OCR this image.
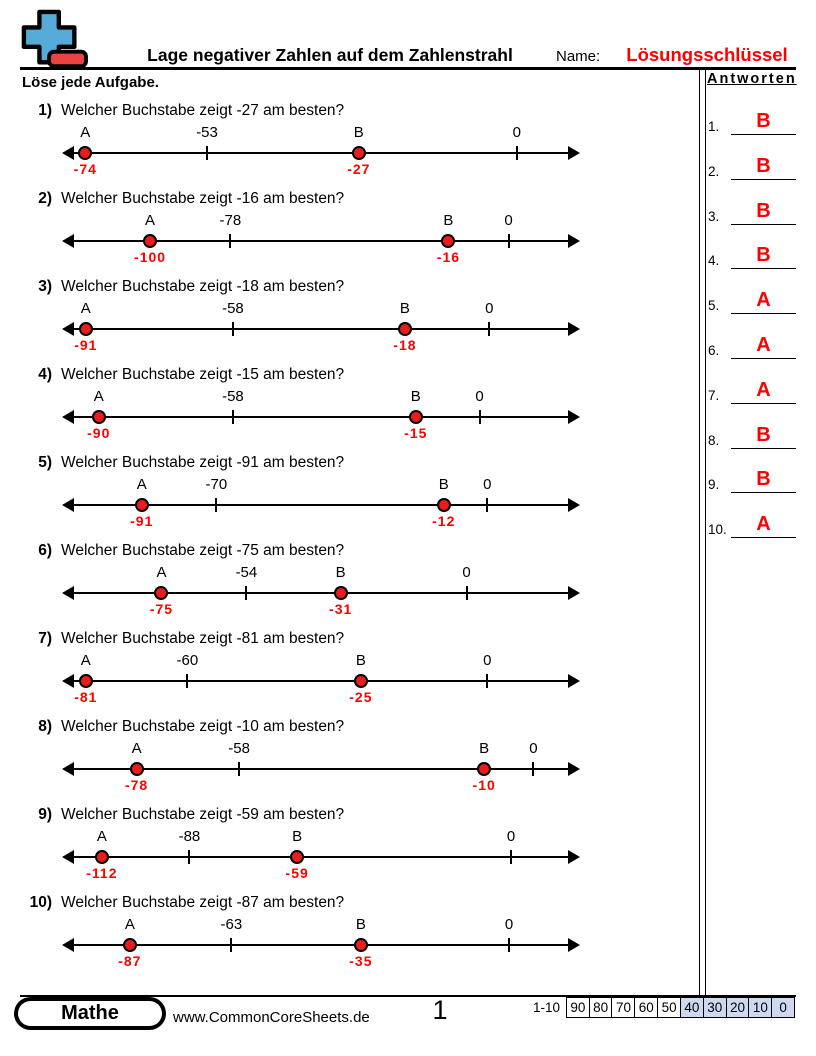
Lage negativer Zahlen auf dem Zahlenstrahl	Name:	Lösungsschlüssel
Löse jede Aufgabe.	Antworten
1.	B
2.	B
3.	B
4.	B
5.	A
6.	A
7.	A
8.	B
9.	B
10.	A
1) Welcher Buchstabe zeigt -27 am besten?
A	-53	B	0
-74	-27
2) Welcher Buchstabe zeigt -16 am besten?
A	-78	B	0
-100	-16
3) Welcher Buchstabe zeigt -18 am besten?
A	-58	B	0
-91	-18
4) Welcher Buchstabe zeigt -15 am besten?
A	-58	B	0
-90	-15
5) Welcher Buchstabe zeigt -91 am besten?
A	-70	B 0
-91	-12
6) Welcher Buchstabe zeigt -75 am besten?
A	-54	B	0
-75	-31
7) Welcher Buchstabe zeigt -81 am besten?
A	-60	B	0
-81	-25
8) Welcher Buchstabe zeigt -10 am besten?
A	-58	B	0
-78	-10
9) Welcher Buchstabe zeigt -59 am besten?
A	-88	B	0
-112	-59
10) Welcher Buchstabe zeigt -87 am besten?
A	-63	B	0
-87	-35
Mathe	www.CommonCoreSheets.de	1	1-10 90 80 70 60 50 40 30 20 10 0
